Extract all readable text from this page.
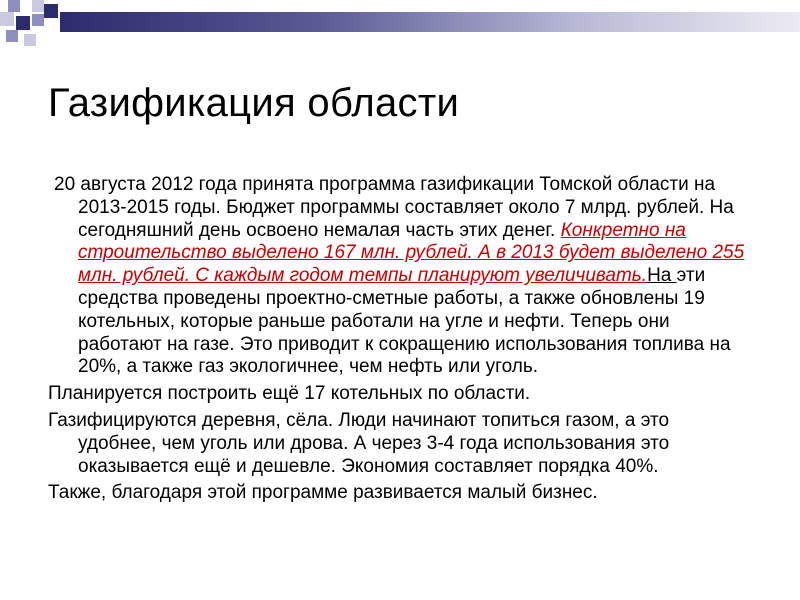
Газификация области

20 августа 2012 года принята программа газификации Томской области на 2013-2015 годы. Бюджет программы составляет около 7 млрд. рублей. На сегодняшний день освоено немалая часть этих денег. Конкретно на строительство выделено 167 млн. рублей. А в 2013 будет выделено 255 млн. рублей. С каждым годом темпы планируют увеличивать.На эти средства проведены проектно-сметные работы, а также обновлены 19 котельных, которые раньше работали на угле и нефти. Теперь они работают на газе. Это приводит к сокращению использования топлива на 20%, а также газ экологичнее, чем нефть или уголь.

Планируется построить ещё 17 котельных по области.

Газифицируются деревня, сёла. Люди начинают топиться газом, а это удобнее, чем уголь или дрова. А через 3-4 года использования это оказывается ещё и дешевле. Экономия составляет порядка 40%.

Также, благодаря этой программе развивается малый бизнес.
